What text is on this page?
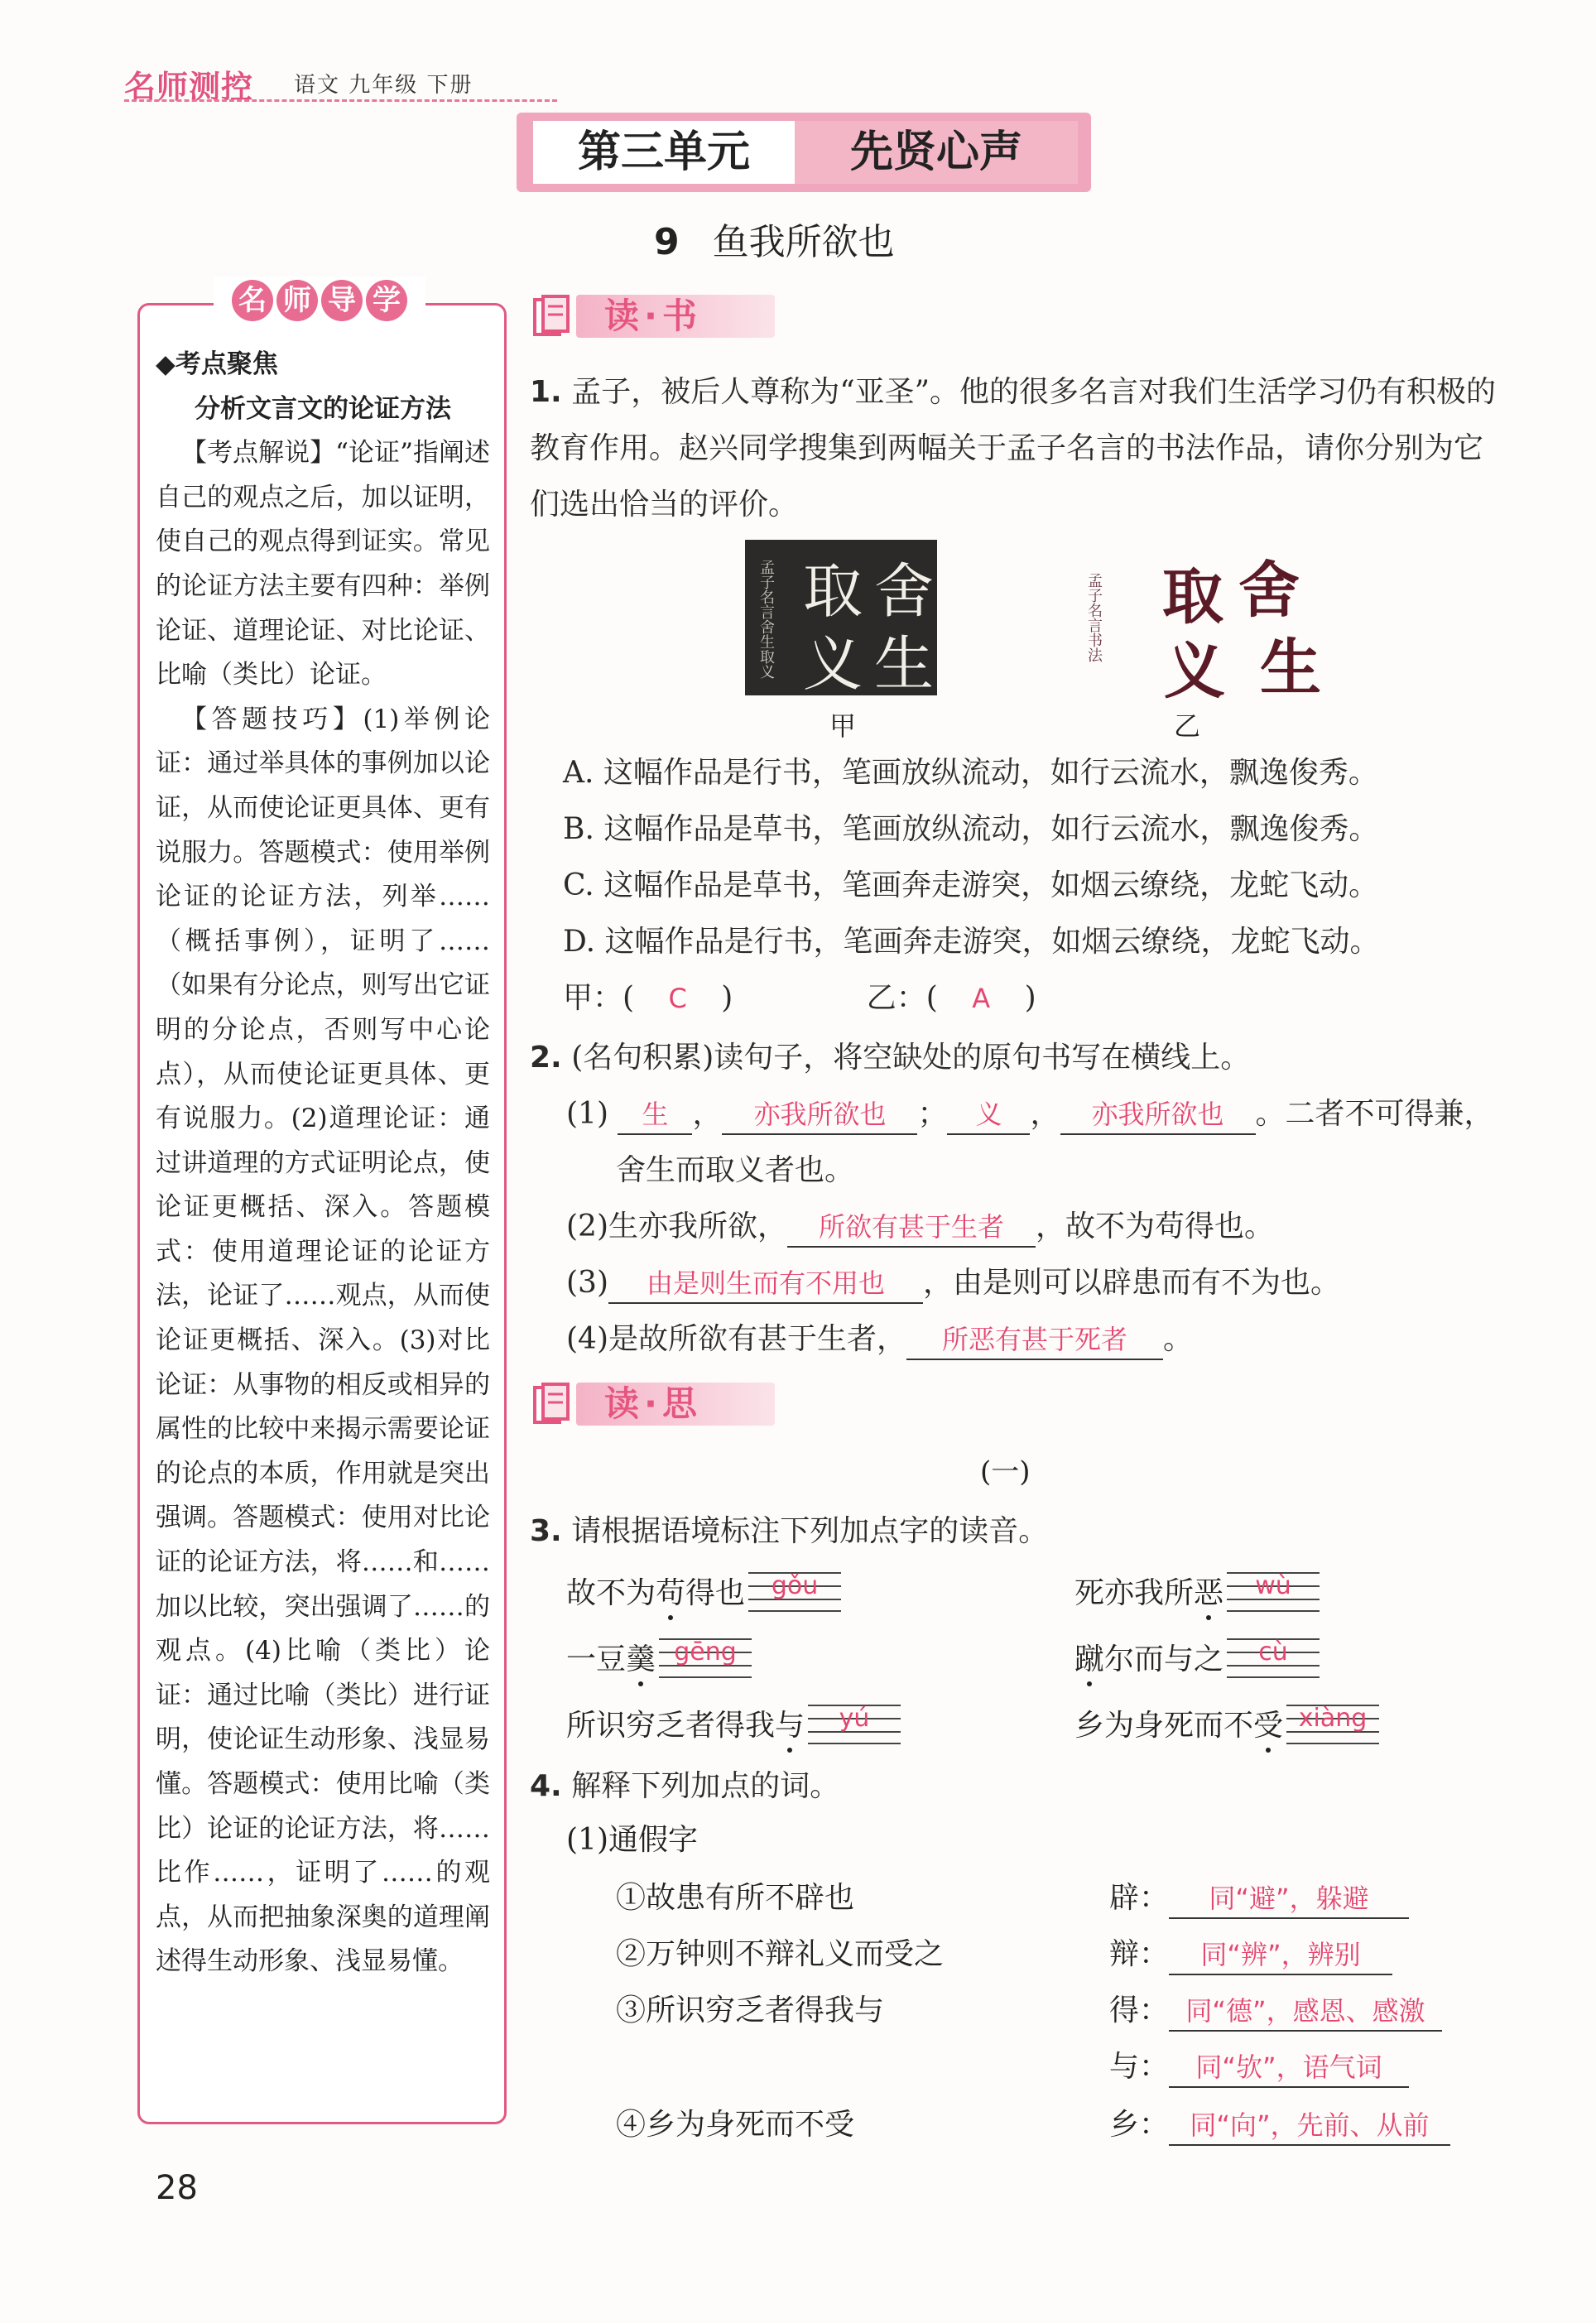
名师测控 语文 九年级 下册
第三单元	先贤心声
9 鱼我所欲也
名 师 导 学

◆考点聚焦

分析文言文的论证方法

【考点解说】“论证”指阐述自己的观点之后，加以证明，使自己的观点得到证实。常见的论证方法主要有四种：举例论证、道理论证、对比论证、比喻（类比）论证。

【答题技巧】(1)举例论证：通过举具体的事例加以论证，从而使论证更具体、更有说服力。答题模式：使用举例论证的论证方法，列举……（概括事例），证明了……（如果有分论点，则写出它证明的分论点，否则写中心论点），从而使论证更具体、更有说服力。(2)道理论证：通过讲道理的方式证明论点，使论证更概括、深入。答题模式：使用道理论证的论证方法，论证了……观点，从而使论证更概括、深入。(3)对比论证：从事物的相反或相异的属性的比较中来揭示需要论证的论点的本质，作用就是突出强调。答题模式：使用对比论证的论证方法，将……和……加以比较，突出强调了……的观点。(4)比喻（类比）论证：通过比喻（类比）进行证明，使论证生动形象、浅显易懂。答题模式：使用比喻（类比）论证的论证方法，将……比作……，证明了……的观点，从而把抽象深奥的道理阐述得生动形象、浅显易懂。

读·书
1. 孟子，被后人尊称为“亚圣”。他的很多名言对我们生活学习仍有积极的教育作用。赵兴同学搜集到两幅关于孟子名言的书法作品，请你分别为它们选出恰当的评价。
舍
生
取
义
孟子名言舍生取义	舍
生
取
义
孟子名言书法
甲	乙
A. 这幅作品是行书，笔画放纵流动，如行云流水，飘逸俊秀。
B. 这幅作品是草书，笔画放纵流动，如行云流水，飘逸俊秀。
C. 这幅作品是草书，笔画奔走游突，如烟云缭绕，龙蛇飞动。
D. 这幅作品是行书，笔画奔走游突，如烟云缭绕，龙蛇飞动。
甲：( C )	乙：( A )
2. (名句积累)读句子，将空缺处的原句书写在横线上。
(1) 生 ， 亦我所欲也 ； 义 ， 亦我所欲也 。二者不可得兼，
舍生而取义者也。
(2)生亦我所欲， 所欲有甚于生者 ，故不为苟得也。
(3) 由是则生而有不用也 ，由是则可以辟患而有不为也。
(4)是故所欲有甚于生者， 所恶有甚于死者 。
读·思
(一)
3. 请根据语境标注下列加点字的读音。
故不为苟得也	gǒu	死亦我所恶	wù
一豆羹 gēng	蹴尔而与之	cù
所识穷乏者得我与	yú	乡为身死而不受 xiàng
4. 解释下列加点的词。
(1)通假字
①故患有所不辟也	辟： 同“避”，躲避
②万钟则不辩礼义而受之	辩： 同“辨”，辨别
③所识穷乏者得我与	得： 同“德”，感恩、感激
与： 同“欤”，语气词
④乡为身死而不受	乡： 同“向”，先前、从前
28
